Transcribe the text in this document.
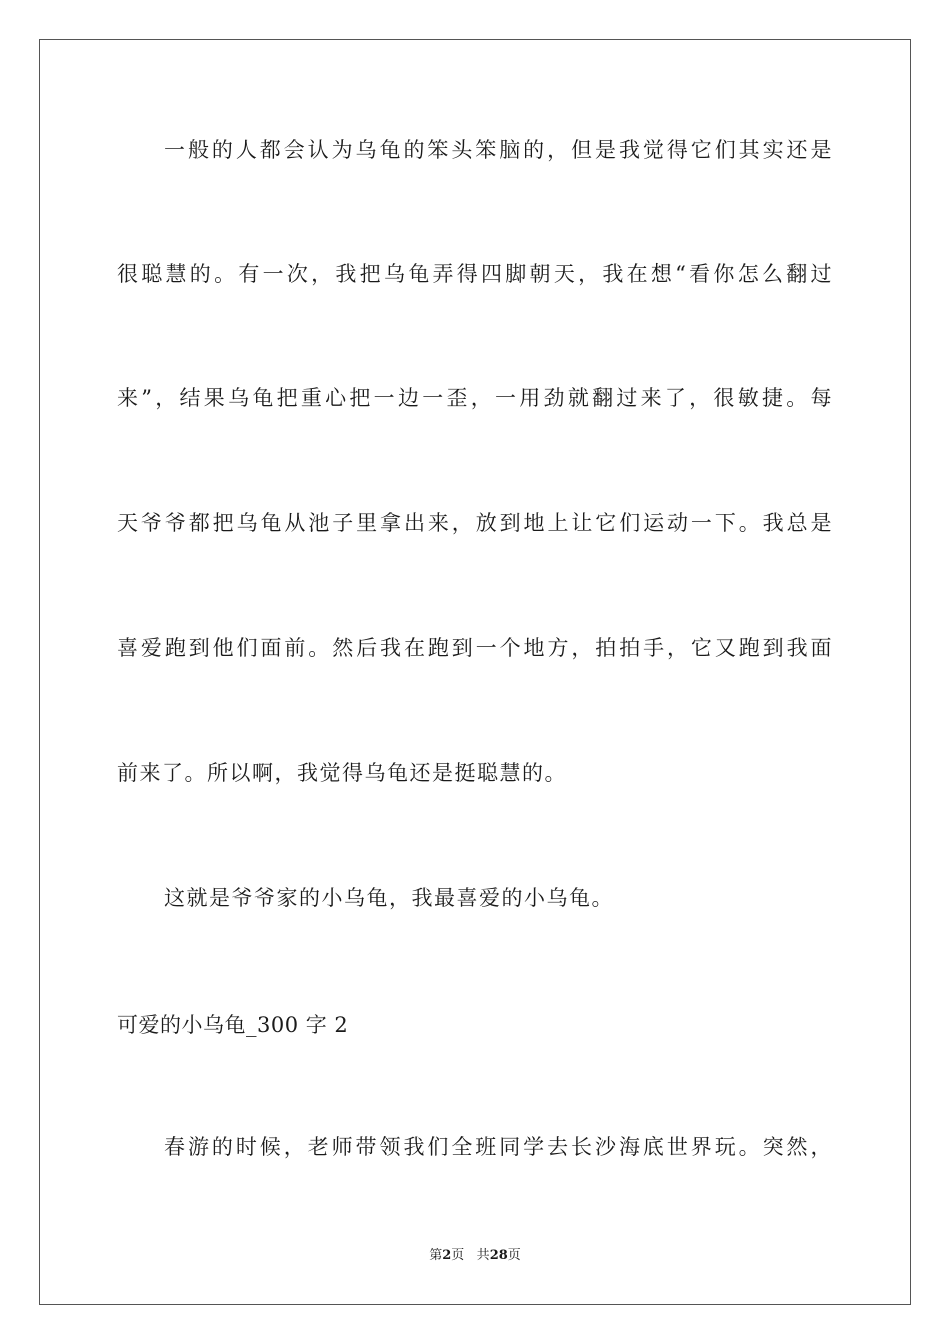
一般的人都会认为乌龟的笨头笨脑的，但是我觉得它们其实还是
很聪慧的。有一次，我把乌龟弄得四脚朝天，我在想“看你怎么翻过
来”，结果乌龟把重心把一边一歪，一用劲就翻过来了，很敏捷。每
天爷爷都把乌龟从池子里拿出来，放到地上让它们运动一下。我总是
喜爱跑到他们面前。然后我在跑到一个地方，拍拍手，它又跑到我面
前来了。所以啊，我觉得乌龟还是挺聪慧的。
这就是爷爷家的小乌龟，我最喜爱的小乌龟。
可爱的小乌龟_300 字 2
春游的时候，老师带领我们全班同学去长沙海底世界玩。突然，
第2页 共28页
